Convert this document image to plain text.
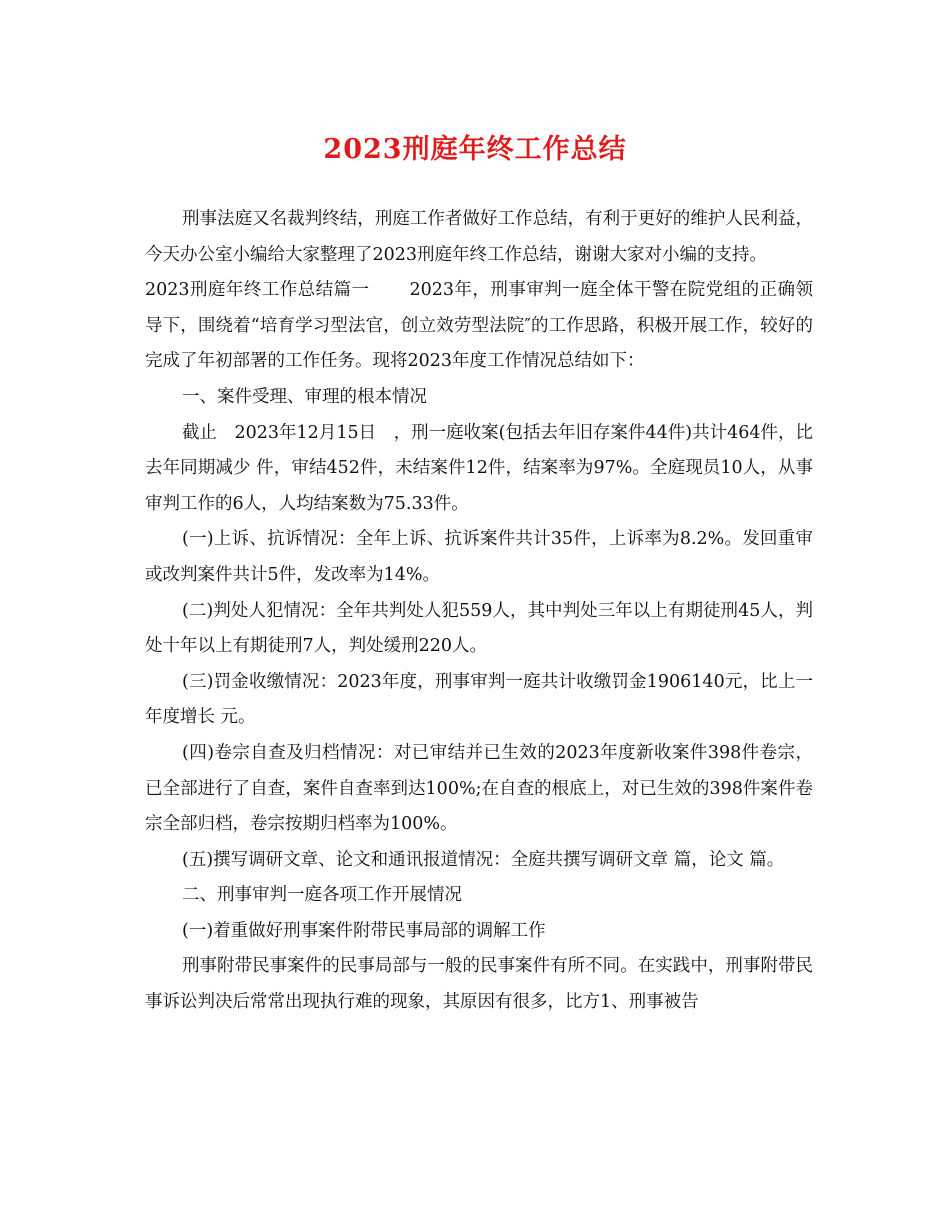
2023刑庭年终工作总结

刑事法庭又名裁判终结，刑庭工作者做好工作总结，有利于更好的维护人民利益，今天办公室小编给大家整理了2023刑庭年终工作总结，谢谢大家对小编的支持。

2023刑庭年终工作总结篇一 2023年，刑事审判一庭全体干警在院党组的正确领导下，围绕着“培育学习型法官，创立效劳型法院″的工作思路，积极开展工作，较好的完成了年初部署的工作任务。现将2023年度工作情况总结如下：

一、案件受理、审理的根本情况

截止　2023年12月15日　，刑一庭收案(包括去年旧存案件44件)共计464件，比去年同期减少 件，审结452件，未结案件12件，结案率为97%。全庭现员10人，从事审判工作的6人，人均结案数为75.33件。

(一)上诉、抗诉情况：全年上诉、抗诉案件共计35件，上诉率为8.2%。发回重审或改判案件共计5件，发改率为14%。

(二)判处人犯情况：全年共判处人犯559人，其中判处三年以上有期徒刑45人，判处十年以上有期徒刑7人，判处缓刑220人。

(三)罚金收缴情况：2023年度，刑事审判一庭共计收缴罚金1906140元，比上一年度增长 元。

(四)卷宗自查及归档情况：对已审结并已生效的2023年度新收案件398件卷宗，已全部进行了自查，案件自查率到达100%;在自查的根底上，对已生效的398件案件卷宗全部归档，卷宗按期归档率为100%。

(五)撰写调研文章、论文和通讯报道情况：全庭共撰写调研文章 篇，论文 篇。

二、刑事审判一庭各项工作开展情况

(一)着重做好刑事案件附带民事局部的调解工作

刑事附带民事案件的民事局部与一般的民事案件有所不同。在实践中，刑事附带民事诉讼判决后常常出现执行难的现象，其原因有很多，比方1、刑事被告
